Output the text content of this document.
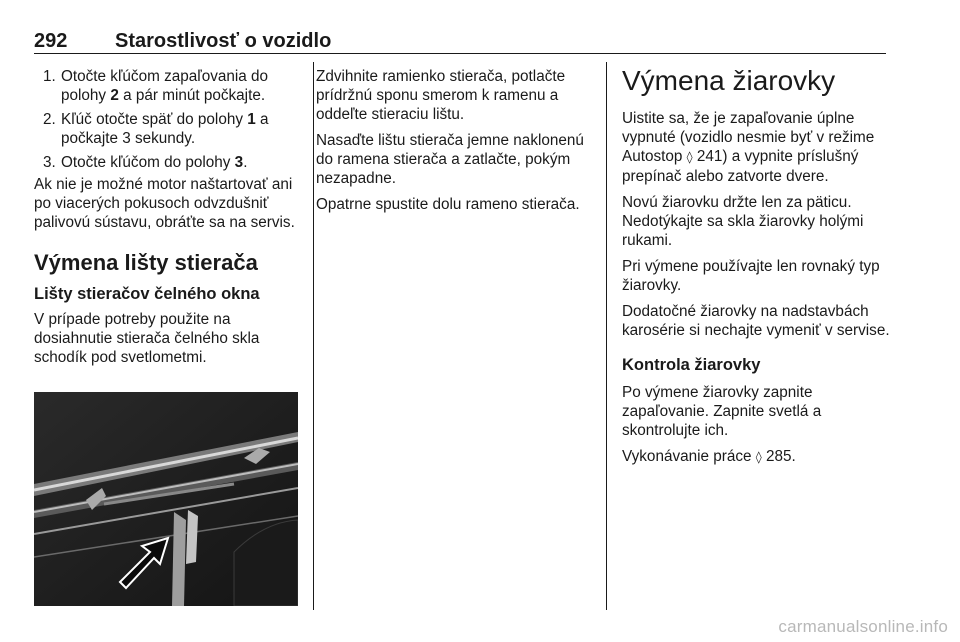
292 Starostlivosť o vozidlo
1. Otočte kľúčom zapaľovania do polohy 2 a pár minút počkajte.
2. Kľúč otočte späť do polohy 1 a počkajte 3 sekundy.
3. Otočte kľúčom do polohy 3.

Ak nie je možné motor naštartovať ani po viacerých pokusoch odvzdušniť palivovú sústavu, obráťte sa na servis.

Výmena lišty stierača
Lišty stieračov čelného okna

V prípade potreby použite na dosiahnutie stierača čelného skla schodík pod svetlometmi.

Zdvihnite ramienko stierača, potlačte prídržnú sponu smerom k ramenu a oddeľte stieraciu lištu.

Nasaďte lištu stierača jemne naklonenú do ramena stierača a zatlačte, pokým nezapadne.

Opatrne spustite dolu rameno stierača.

Výmena žiarovky

Uistite sa, že je zapaľovanie úplne vypnuté (vozidlo nesmie byť v režime Autostop ◊ 241) a vypnite príslušný prepínač alebo zatvorte dvere.

Novú žiarovku držte len za päticu. Nedotýkajte sa skla žiarovky holými rukami.

Pri výmene používajte len rovnaký typ žiarovky.

Dodatočné žiarovky na nadstavbách karosérie si nechajte vymeniť v servise.

Kontrola žiarovky

Po výmene žiarovky zapnite zapaľovanie. Zapnite svetlá a skontrolujte ich.

Vykonávanie práce ◊ 285.

carmanualsonline.info
